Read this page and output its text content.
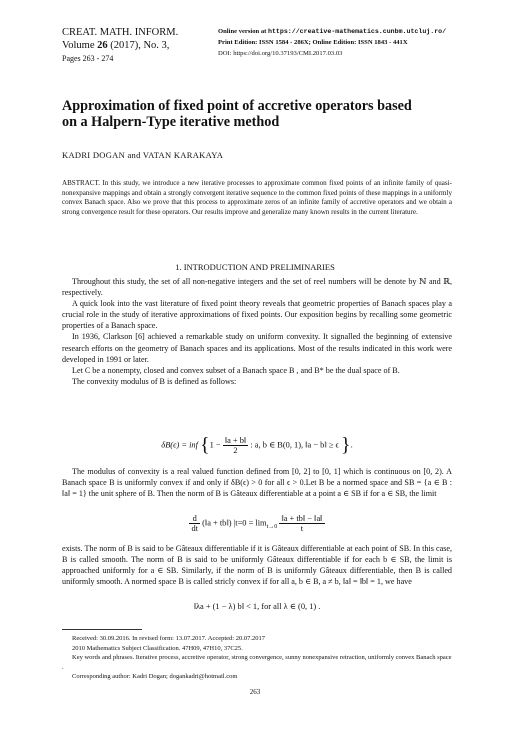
CREAT. MATH. INFORM.
Volume 26 (2017), No. 3,
Pages 263 - 274
Online version at https://creative-mathematics.cunbm.utcluj.ro/
Print Edition: ISSN 1584 - 286X; Online Edition: ISSN 1843 - 441X
DOI: https://doi.org/10.37193/CMI.2017.03.03
Approximation of fixed point of accretive operators based
on a Halpern-Type iterative method
KADRI DOGAN and VATAN KARAKAYA
ABSTRACT. In this study, we introduce a new iterative processes to approximate common fixed points of an infinite family of quasi-nonexpansive mappings and obtain a strongly convergent iterative sequence to the common fixed points of these mappings in a uniformly convex Banach space. Also we prove that this process to approximate zeros of an infinite family of accretive operators and we obtain a strong convergence result for these operators. Our results improve and generalize many known results in the current literature.
1. INTRODUCTION AND PRELIMINARIES

Throughout this study, the set of all non-negative integers and the set of reel numbers will be denote by ℕ and ℝ, respectively.

A quick look into the vast literature of fixed point theory reveals that geometric properties of Banach spaces play a crucial role in the study of iterative approximations of fixed points. Our exposition begins by recalling some geometric properties of a Banach space.

In 1936, Clarkson [6] achieved a remarkable study on uniform convexity. It signalled the beginning of extensive research efforts on the geometry of Banach spaces and its applications. Most of the results indicated in this work were developed in 1991 or later.

Let C be a nonempty, closed and convex subset of a Banach space B , and B* be the dual space of B.

The convexity modulus of B is defined as follows:

δB(ϵ) = inf {$1 - \frac{‖a + b‖}{2}$ : a, b ∈ B(0, 1), ‖a − b‖ ≥ ϵ }.

The modulus of convexity is a real valued function defined from [0, 2] to [0, 1] which is continuous on [0, 2). A Banach space B is uniformly convex if and only if δB(ϵ) > 0 for all ϵ > 0.Let B be a normed space and SB = {a ∈ B : ‖a‖ = 1} the unit sphere of B. Then the norm of B is Gâteaux differentiable at a point a ∈ SB if for a ∈ SB, the limit

$\frac{d}{dt}$ (‖a + tb‖) $|t=0 = \lim_{t\to 0} \frac{‖a + tb‖ - ‖a‖}{t}$

exists. The norm of B is said to be Gâteaux differentiable if it is Gâteaux differentiable at each point of SB. In this case, B is called smooth. The norm of B is said to be uniformly Gâteaux differentiable if for each b ∈ SB, the limit is approached uniformly for a ∈ SB. Similarly, if the norm of B is uniformly Gâteaux differentiable, then B is called uniformly smooth. A normed space B is called stricly convex if for all a, b ∈ B, a ≠ b, ‖a‖ = ‖b‖ = 1, we have

‖λa + (1 − λ) b‖ < 1, for all λ ∈ (0, 1) .
Received: 30.09.2016. In revised form: 13.07.2017. Accepted: 20.07.2017
2010 Mathematics Subject Classification. 47H09, 47H10, 37C25.
Key words and phrases. Iterative process, accretive operator, strong convergence, sunny nonexpansive retraction, uniformly convex Banach space .
Corresponding author: Kadri Dogan; dogankadri@hotmail.com
263
